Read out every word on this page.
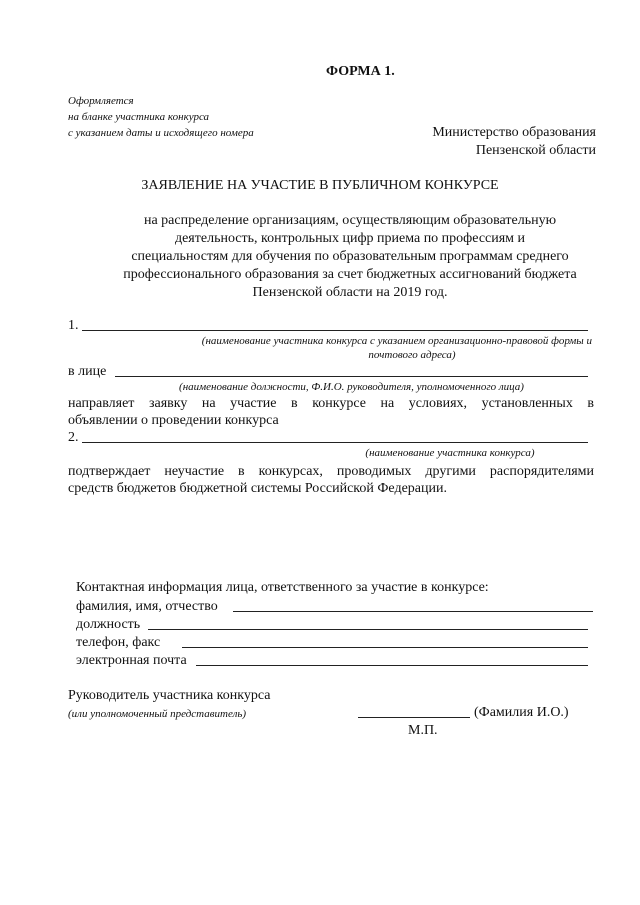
ФОРМА 1.
Оформляется
на бланке участника конкурса
с указанием даты и исходящего номера	Министерство образования
Пензенской области
ЗАЯВЛЕНИЕ НА УЧАСТИЕ В ПУБЛИЧНОМ КОНКУРСЕ
на распределение организациям, осуществляющим образовательную
деятельность, контрольных цифр приема по профессиям и
специальностям для обучения по образовательным программам среднего
профессионального образования за счет бюджетных ассигнований бюджета
Пензенской области на 2019 год.
1.
(наименование участника конкурса с указанием организационно-правовой формы и
почтового адреса)
в лице
(наименование должности, Ф.И.О. руководителя, уполномоченного лица)
направляет заявку на участие в конкурсе на условиях, установленных в
объявлении о проведении конкурса
2.
(наименование участника конкурса)
подтверждает неучастие в конкурсах, проводимых другими распорядителями
средств бюджетов бюджетной системы Российской Федерации.
Контактная информация лица, ответственного за участие в конкурсе:
фамилия, имя, отчество
должность
телефон, факс
электронная почта
Руководитель участника конкурса
(или уполномоченный представитель)	(Фамилия И.О.)
М.П.
